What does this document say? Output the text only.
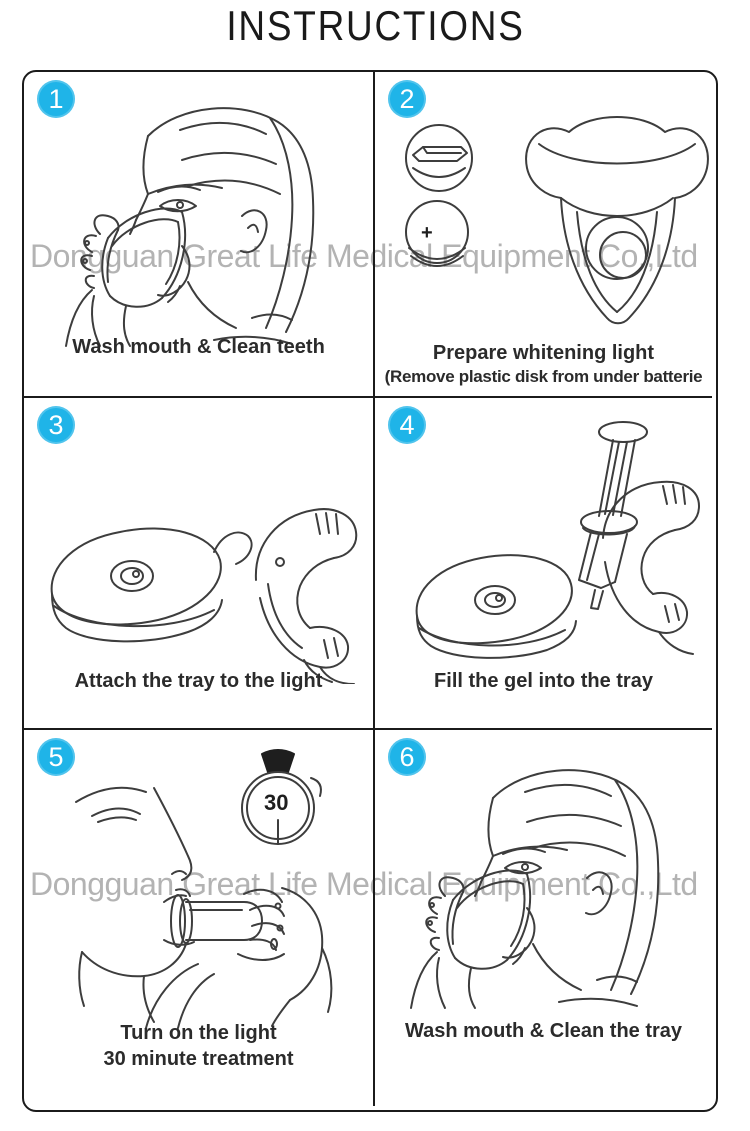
INSTRUCTIONS
Dongguan Great Life Medical Equipment Co.,Ltd
Dongguan Great Life Medical Equipment Co.,Ltd
1

Wash mouth & Clean teeth

2
+

Prepare whitening light
(Remove plastic disk from under batterie

3

Attach the tray to the light

4

Fill the gel into the tray

5
30

Turn on the light
30 minute treatment

6

Wash mouth & Clean the tray
